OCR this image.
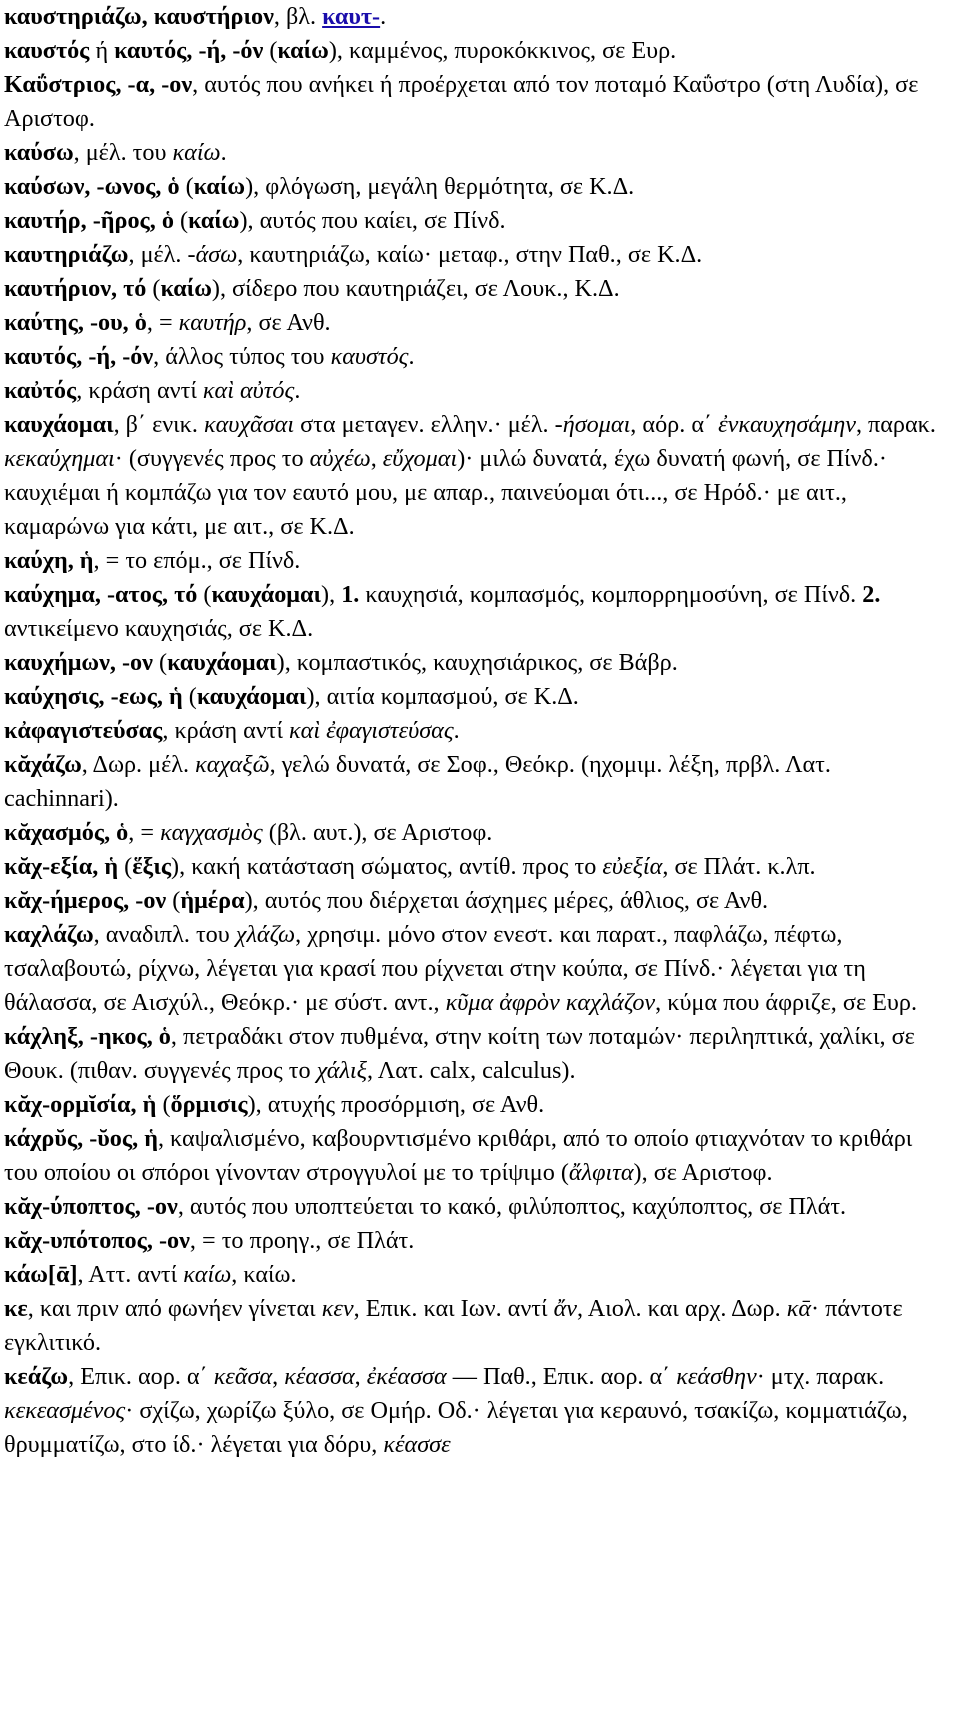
καυστηριάζω, καυστήριον, βλ. καυτ-.
καυστός ή καυτός, -ή, -όν (καίω), καμμένος, πυροκόκκινος, σε Ευρ.
Καΰστριος, -α, -ον, αυτός που ανήκει ή προέρχεται από τον ποταμό Καΰστρο (στη Λυδία), σε Αριστοφ.
καύσω, μέλ. του καίω.
καύσων, -ωνος, ὁ (καίω), φλόγωση, μεγάλη θερμότητα, σε Κ.Δ.
καυτήρ, -ῆρος, ὁ (καίω), αυτός που καίει, σε Πίνδ.
καυτηριάζω, μέλ. -άσω, καυτηριάζω, καίω· μεταφ., στην Παθ., σε Κ.Δ.
καυτήριον, τό (καίω), σίδερο που καυτηριάζει, σε Λουκ., Κ.Δ.
καύτης, -ου, ὁ, = καυτήρ, σε Ανθ.
καυτός, -ή, -όν, άλλος τύπος του καυστός.
καὐτός, κράση αντί καὶ αὐτός.
καυχάομαι, β΄ ενικ. καυχᾶσαι στα μεταγεν. ελλην.· μέλ. -ήσομαι, αόρ. α΄ ἐνκαυχησάμην, παρακ. κεκαύχημαι· (συγγενές προς το αὐχέω, εὔχομαι)· μιλώ δυνατά, έχω δυνατή φωνή, σε Πίνδ.· καυχιέμαι ή κομπάζω για τον εαυτό μου, με απαρ., παινεύομαι ότι..., σε Ηρόδ.· με αιτ., καμαρώνω για κάτι, με αιτ., σε Κ.Δ.
καύχη, ἡ, = το επόμ., σε Πίνδ.
καύχημα, -ατος, τό (καυχάομαι), 1. καυχησιά, κομπασμός, κομπορρημοσύνη, σε Πίνδ. 2. αντικείμενο καυχησιάς, σε Κ.Δ.
καυχήμων, -ον (καυχάομαι), κομπαστικός, καυχησιάρικος, σε Βάβρ.
καύχησις, -εως, ἡ (καυχάομαι), αιτία κομπασμού, σε Κ.Δ.
κἀφαγιστεύσας, κράση αντί καὶ ἐφαγιστεύσας.
κᾰχάζω, Δωρ. μέλ. καχαξῶ, γελώ δυνατά, σε Σοφ., Θεόκρ. (ηχομιμ. λέξη, πρβλ. Λατ. cachinnari).
κᾰχασμός, ὁ, = καγχασμὸς (βλ. αυτ.), σε Αριστοφ.
κᾰχ-εξία, ἡ (ἕξις), κακή κατάσταση σώματος, αντίθ. προς το εὐεξία, σε Πλάτ. κ.λπ.
κᾰχ-ήμερος, -ον (ἡμέρα), αυτός που διέρχεται άσχημες μέρες, άθλιος, σε Ανθ.
καχλάζω, αναδιπλ. του χλάζω, χρησιμ. μόνο στον ενεστ. και παρατ., παφλάζω, πέφτω, τσαλαβουτώ, ρίχνω, λέγεται για κρασί που ρίχνεται στην κούπα, σε Πίνδ.· λέγεται για τη θάλασσα, σε Αισχύλ., Θεόκρ.· με σύστ. αντ., κῦμα ἀφρὸν καχλάζον, κύμα που άφριζε, σε Ευρ.
κάχληξ, -ηκος, ὁ, πετραδάκι στον πυθμένα, στην κοίτη των ποταμών· περιληπτικά, χαλίκι, σε Θουκ. (πιθαν. συγγενές προς το χάλιξ, Λατ. calx, calculus).
κᾰχ-ορμῐσία, ἡ (ὅρμισις), ατυχής προσόρμιση, σε Ανθ.
κάχρῠς, -ῠος, ἡ, καψαλισμένο, καβουρντισμένο κριθάρι, από το οποίο φτιαχνόταν το κριθάρι του οποίου οι σπόροι γίνονταν στρογγυλοί με το τρίψιμο (ἄλφιτα), σε Αριστοφ.
κᾰχ-ύποπτος, -ον, αυτός που υποπτεύεται το κακό, φιλύποπτος, καχύποπτος, σε Πλάτ.
κᾰχ-υπότοπος, -ον, = το προηγ., σε Πλάτ.
κάω[ᾱ], Αττ. αντί καίω, καίω.
κε, και πριν από φωνήεν γίνεται κεν, Επικ. και Ιων. αντί ἄν, Αιολ. και αρχ. Δωρ. κᾱ· πάντοτε εγκλιτικό.
κεάζω, Επικ. αορ. α΄ κεᾶσα, κέασσα, ἐκέασσα — Παθ., Επικ. αορ. α΄ κεάσθην· μτχ. παρακ. κεκεασμένος· σχίζω, χωρίζω ξύλο, σε Ομήρ. Οδ.· λέγεται για κεραυνό, τσακίζω, κομματιάζω, θρυμματίζω, στο ίδ.· λέγεται για δόρυ, κέασσε
